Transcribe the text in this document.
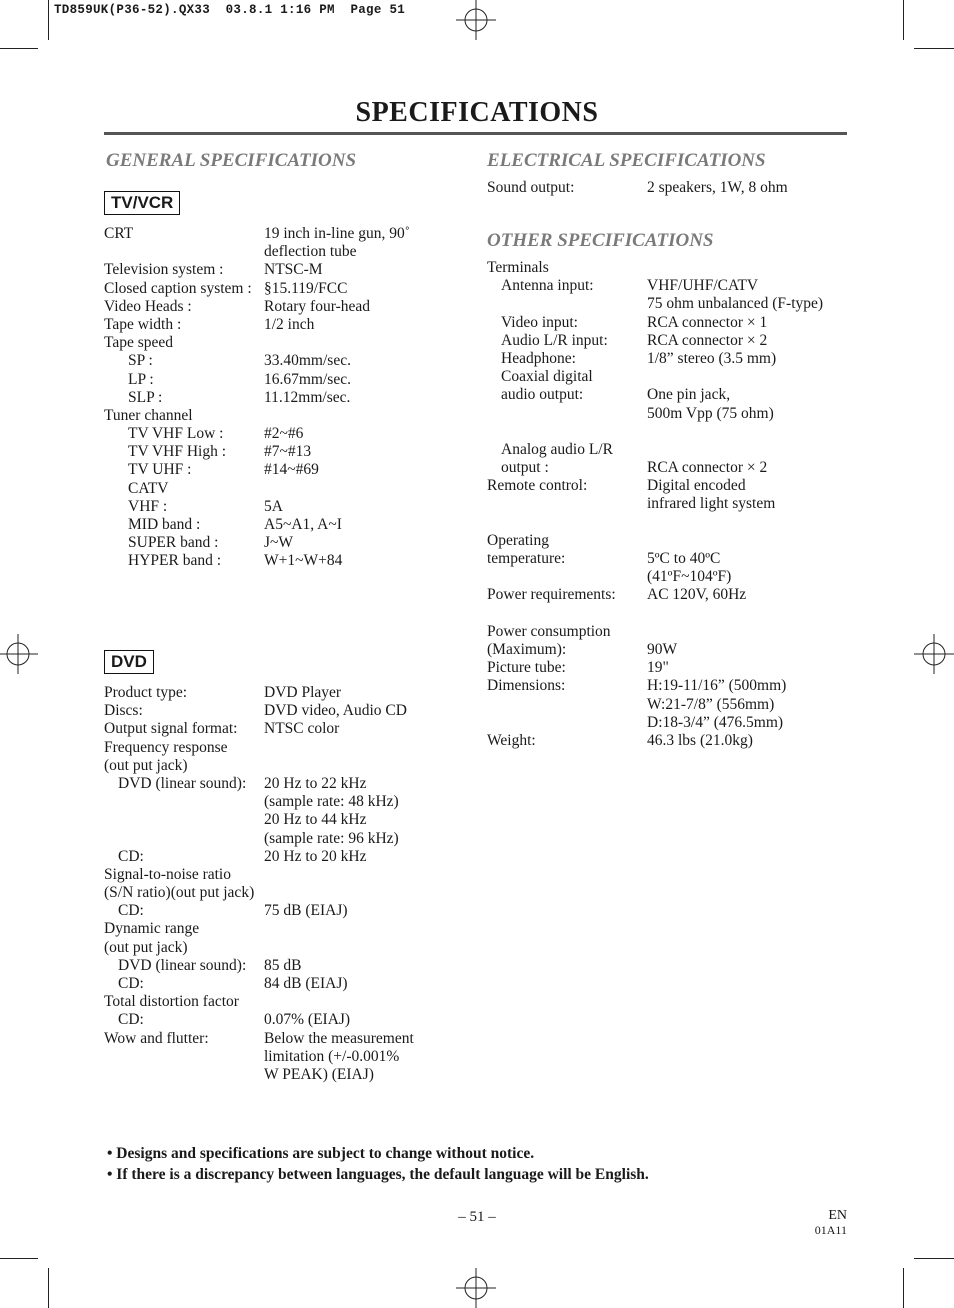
TD859UK(P36-52).QX33  03.8.1 1:16 PM  Page 51
SPECIFICATIONS
GENERAL SPECIFICATIONS
TV/VCR
CRT	19 inch in-line gun, 90˚
deflection tube
Television system :	NTSC-M
Closed caption system : §15.119/FCC
Video Heads :	Rotary four-head
Tape width :	1/2 inch
Tape speed
SP :	33.40mm/sec.
LP :	16.67mm/sec.
SLP :	11.12mm/sec.
Tuner channel
TV VHF Low :	#2~#6
TV VHF High : #7~#13
TV UHF :	#14~#69
CATV
VHF :	5A
MID band :	A5~A1, A~I
SUPER band :	J~W
HYPER band :	W+1~W+84
DVD
Product type:	DVD Player
Discs:	DVD video, Audio CD
Output signal format: NTSC color
Frequency response
(out put jack)
DVD (linear sound): 20 Hz to 22 kHz
(sample rate: 48 kHz)
20 Hz to 44 kHz
(sample rate: 96 kHz)
CD:	20 Hz to 20 kHz
Signal-to-noise ratio
(S/N ratio)(out put jack)
CD:	75 dB (EIAJ)
Dynamic range
(out put jack)
DVD (linear sound): 85 dB
CD:	84 dB (EIAJ)
Total distortion factor
CD:	0.07% (EIAJ)
Wow and flutter:	Below the measurement
limitation (+/-0.001%
W PEAK) (EIAJ)
ELECTRICAL SPECIFICATIONS
Sound output:	2 speakers, 1W, 8 ohm
OTHER SPECIFICATIONS
Terminals
Antenna input:	VHF/UHF/CATV
75 ohm unbalanced (F-type)
Video input:	RCA connector × 1
Audio L/R input:	RCA connector × 2
Headphone:	1/8” stereo (3.5 mm)
Coaxial digital
audio output:	One pin jack,
500m Vpp (75 ohm)
Analog audio L/R
output :	RCA connector × 2
Remote control:	Digital encoded
infrared light system
Operating
temperature:	5ºC to 40ºC
(41ºF~104ºF)
Power requirements: AC 120V, 60Hz
Power consumption
(Maximum):	90W
Picture tube:	19"
Dimensions:	H:19-11/16” (500mm)
W:21-7/8” (556mm)
D:18-3/4” (476.5mm)
Weight:	46.3 lbs (21.0kg)
• Designs and specifications are subject to change without notice.
• If there is a discrepancy between languages, the default language will be English.
– 51 –	EN
01A11
